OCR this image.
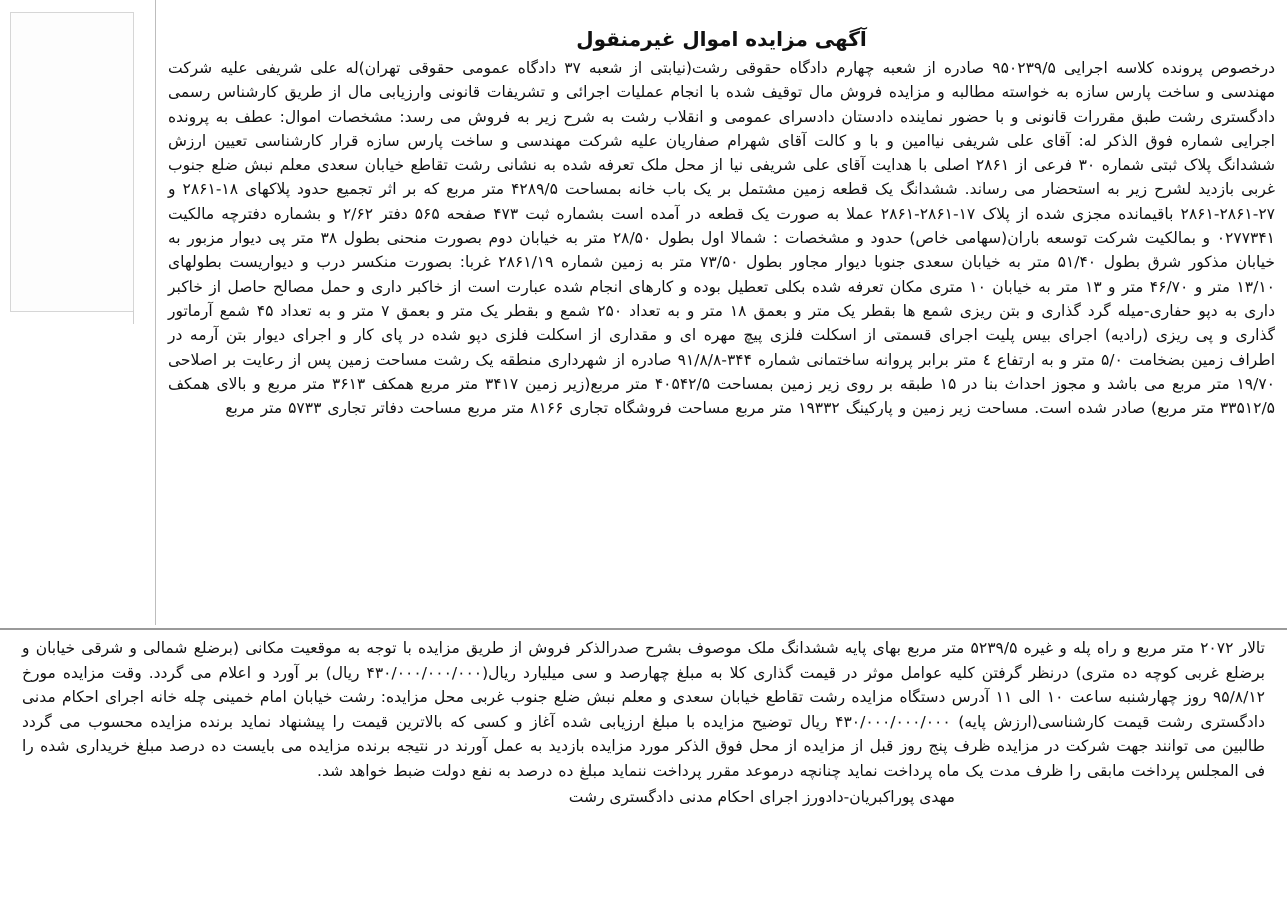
آگهی مزایده اموال غیرمنقول

درخصوص پرونده کلاسه اجرایی ۹۵۰۲۳۹/۵ صادره از شعبه چهارم دادگاه حقوقی رشت(نیابتی از شعبه ۳۷ دادگاه عمومی حقوقی تهران)له علی شریفی علیه شرکت مهندسی و ساخت پارس سازه به خواسته مطالبه و مزایده فروش مال توقیف شده با انجام عملیات اجرائی و تشریفات قانونی وارزیابی مال از طریق کارشناس رسمی دادگستری رشت طبق مقررات قانونی و با حضور نماینده دادستان دادسرای عمومی و انقلاب رشت به شرح زیر به فروش می رسد: مشخصات اموال: عطف به پرونده اجرایی شماره فوق الذکر له: آقای علی شریفی نیاامین و با و کالت آقای شهرام صفاریان علیه شرکت مهندسی و ساخت پارس سازه قرار کارشناسی تعیین ارزش ششدانگ پلاک ثبتی شماره ۳۰ فرعی از ۲۸۶۱ اصلی با هدایت آقای علی شریفی نیا از محل ملک تعرفه شده به نشانی رشت تقاطع خیابان سعدی معلم نبش ضلع جنوب غربی بازدید لشرح زیر به استحضار می رساند. ششدانگ یک قطعه زمین مشتمل بر یک باب خانه بمساحت ۴۲۸۹/۵ متر مربع که بر اثر تجمیع حدود پلاکهای ۱۸-۲۸۶۱ و ۲۷-۲۸۶۱-۲۸۶۱ باقیمانده مجزی شده از پلاک ۱۷-۲۸۶۱-۲۸۶۱ عملا به صورت یک قطعه در آمده است بشماره ثبت ۴۷۳ صفحه ۵۶۵ دفتر ۲/۶۲ و بشماره دفترچه مالکیت ۰۲۷۷۳۴۱ و بمالکیت شرکت توسعه باران(سهامی خاص) حدود و مشخصات : شمالا اول بطول ۲۸/۵۰ متر به خیابان دوم بصورت منحنی بطول ۳۸ متر پی دیوار مزبور به خیابان مذکور شرق بطول ۵۱/۴۰ متر به خیابان سعدی جنوبا دیوار مجاور بطول ۷۳/۵۰ متر به زمین شماره ۲۸۶۱/۱۹ غربا: بصورت منکسر درب و دیواریست بطولهای ۱۳/۱۰ متر و ۴۶/۷۰ متر و ۱۳ متر به خیابان ۱۰ متری مکان تعرفه شده بکلی تعطیل بوده و کارهای انجام شده عبارت است از خاکبر داری و حمل مصالح حاصل از خاکبر داری به دپو حفاری-میله گرد گذاری و بتن ریزی شمع ها بقطر یک متر و بعمق ۱۸ متر و به تعداد ۲۵۰ شمع و بقطر یک متر و بعمق ۷ متر و به تعداد ۴۵ شمع آرماتور گذاری و پی ریزی (رادیه) اجرای بیس پلیت اجرای قسمتی از اسکلت فلزی پیچ مهره ای و مقداری از اسکلت فلزی دپو شده در پای کار و اجرای دیوار بتن آرمه در اطراف زمین بضخامت ۵/۰ متر و به ارتفاع ٤ متر برابر پروانه ساختمانی شماره ۳۴۴-۹۱/۸/۸ صادره از شهرداری منطقه یک رشت مساحت زمین پس از رعایت بر اصلاحی ۱۹/۷۰ متر مربع می باشد و مجوز احداث بنا در ۱۵ طبقه بر روی زیر زمین بمساحت ۴۰۵۴۲/۵ متر مربع(زیر زمین ۳۴۱۷ متر مربع همکف ۳۶۱۳ متر مربع و بالای همکف ۳۳۵۱۲/۵ متر مربع) صادر شده است. مساحت زیر زمین و پارکینگ ۱۹۳۳۲ متر مربع مساحت فروشگاه تجاری ۸۱۶۶ متر مربع مساحت دفاتر تجاری ۵۷۳۳ متر مربع

تالار ۲۰۷۲ متر مربع و راه پله و غیره ۵۲۳۹/۵ متر مربع بهای پایه ششدانگ ملک موصوف بشرح صدرالذکر فروش از طریق مزایده با توجه به موقعیت مکانی (برضلع شمالی و شرقی خیابان و برضلع غربی کوچه ده متری) درنظر گرفتن کلیه عوامل موثر در قیمت گذاری کلا به مبلغ چهارصد و سی میلیارد ریال(۴۳۰/۰۰۰/۰۰۰/۰۰۰ ریال) بر آورد و اعلام می گردد. وقت مزایده مورخ ۹۵/۸/۱۲ روز چهارشنبه ساعت ۱۰ الی ۱۱ آدرس دستگاه مزایده رشت تقاطع خیابان سعدی و معلم نبش ضلع جنوب غربی محل مزایده: رشت خیابان امام خمینی چله خانه اجرای احکام مدنی دادگستری رشت قیمت کارشناسی(ارزش پایه) ۴۳۰/۰۰۰/۰۰۰/۰۰۰ ریال توضیح مزایده با مبلغ ارزیابی شده آغاز و کسی که بالاترین قیمت را پیشنهاد نماید برنده مزایده محسوب می گردد طالبین می توانند جهت شرکت در مزایده ظرف پنج روز قبل از مزایده از محل فوق الذکر مورد مزایده بازدید به عمل آورند در نتیجه برنده مزایده می بایست ده درصد مبلغ خریداری شده را فی المجلس پرداخت مابقی را ظرف مدت یک ماه پرداخت نماید چنانچه درموعد مقرر پرداخت ننماید مبلغ ده درصد به نفع دولت ضبط خواهد شد.

مهدی پوراکبریان-دادورز اجرای احکام مدنی دادگستری رشت
